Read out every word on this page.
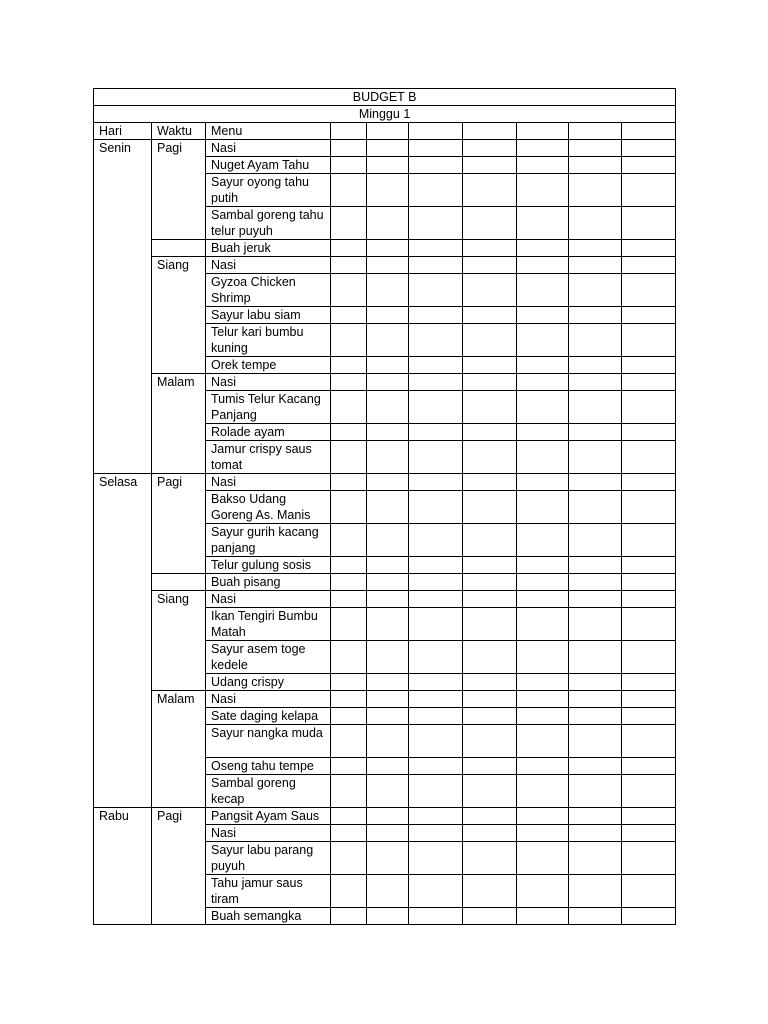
BUDGET B									
Minggu 1									
Hari	Waktu	Menu							
Senin	Pagi	Nasi							
		Nuget Ayam Tahu							
		Sayur oyong tahu putih							
		Sambal goreng tahu telur puyuh							
		Buah jeruk							
	Siang	Nasi							
		Gyzoa Chicken Shrimp							
		Sayur labu siam							
		Telur kari bumbu kuning							
		Orek tempe							
	Malam	Nasi							
		Tumis Telur Kacang Panjang							
		Rolade ayam							
		Jamur crispy saus tomat							
Selasa	Pagi	Nasi							
		Bakso Udang Goreng As. Manis							
		Sayur gurih kacang panjang							
		Telur gulung sosis							
		Buah pisang							
	Siang	Nasi							
		Ikan Tengiri Bumbu Matah							
		Sayur asem toge kedele							
		Udang crispy							
	Malam	Nasi							
		Sate daging kelapa							
		Sayur nangka muda							
		Oseng tahu tempe							
		Sambal goreng kecap							
Rabu	Pagi	Pangsit Ayam Saus							
		Nasi							
		Sayur labu parang puyuh							
		Tahu jamur saus tiram							
		Buah semangka							
